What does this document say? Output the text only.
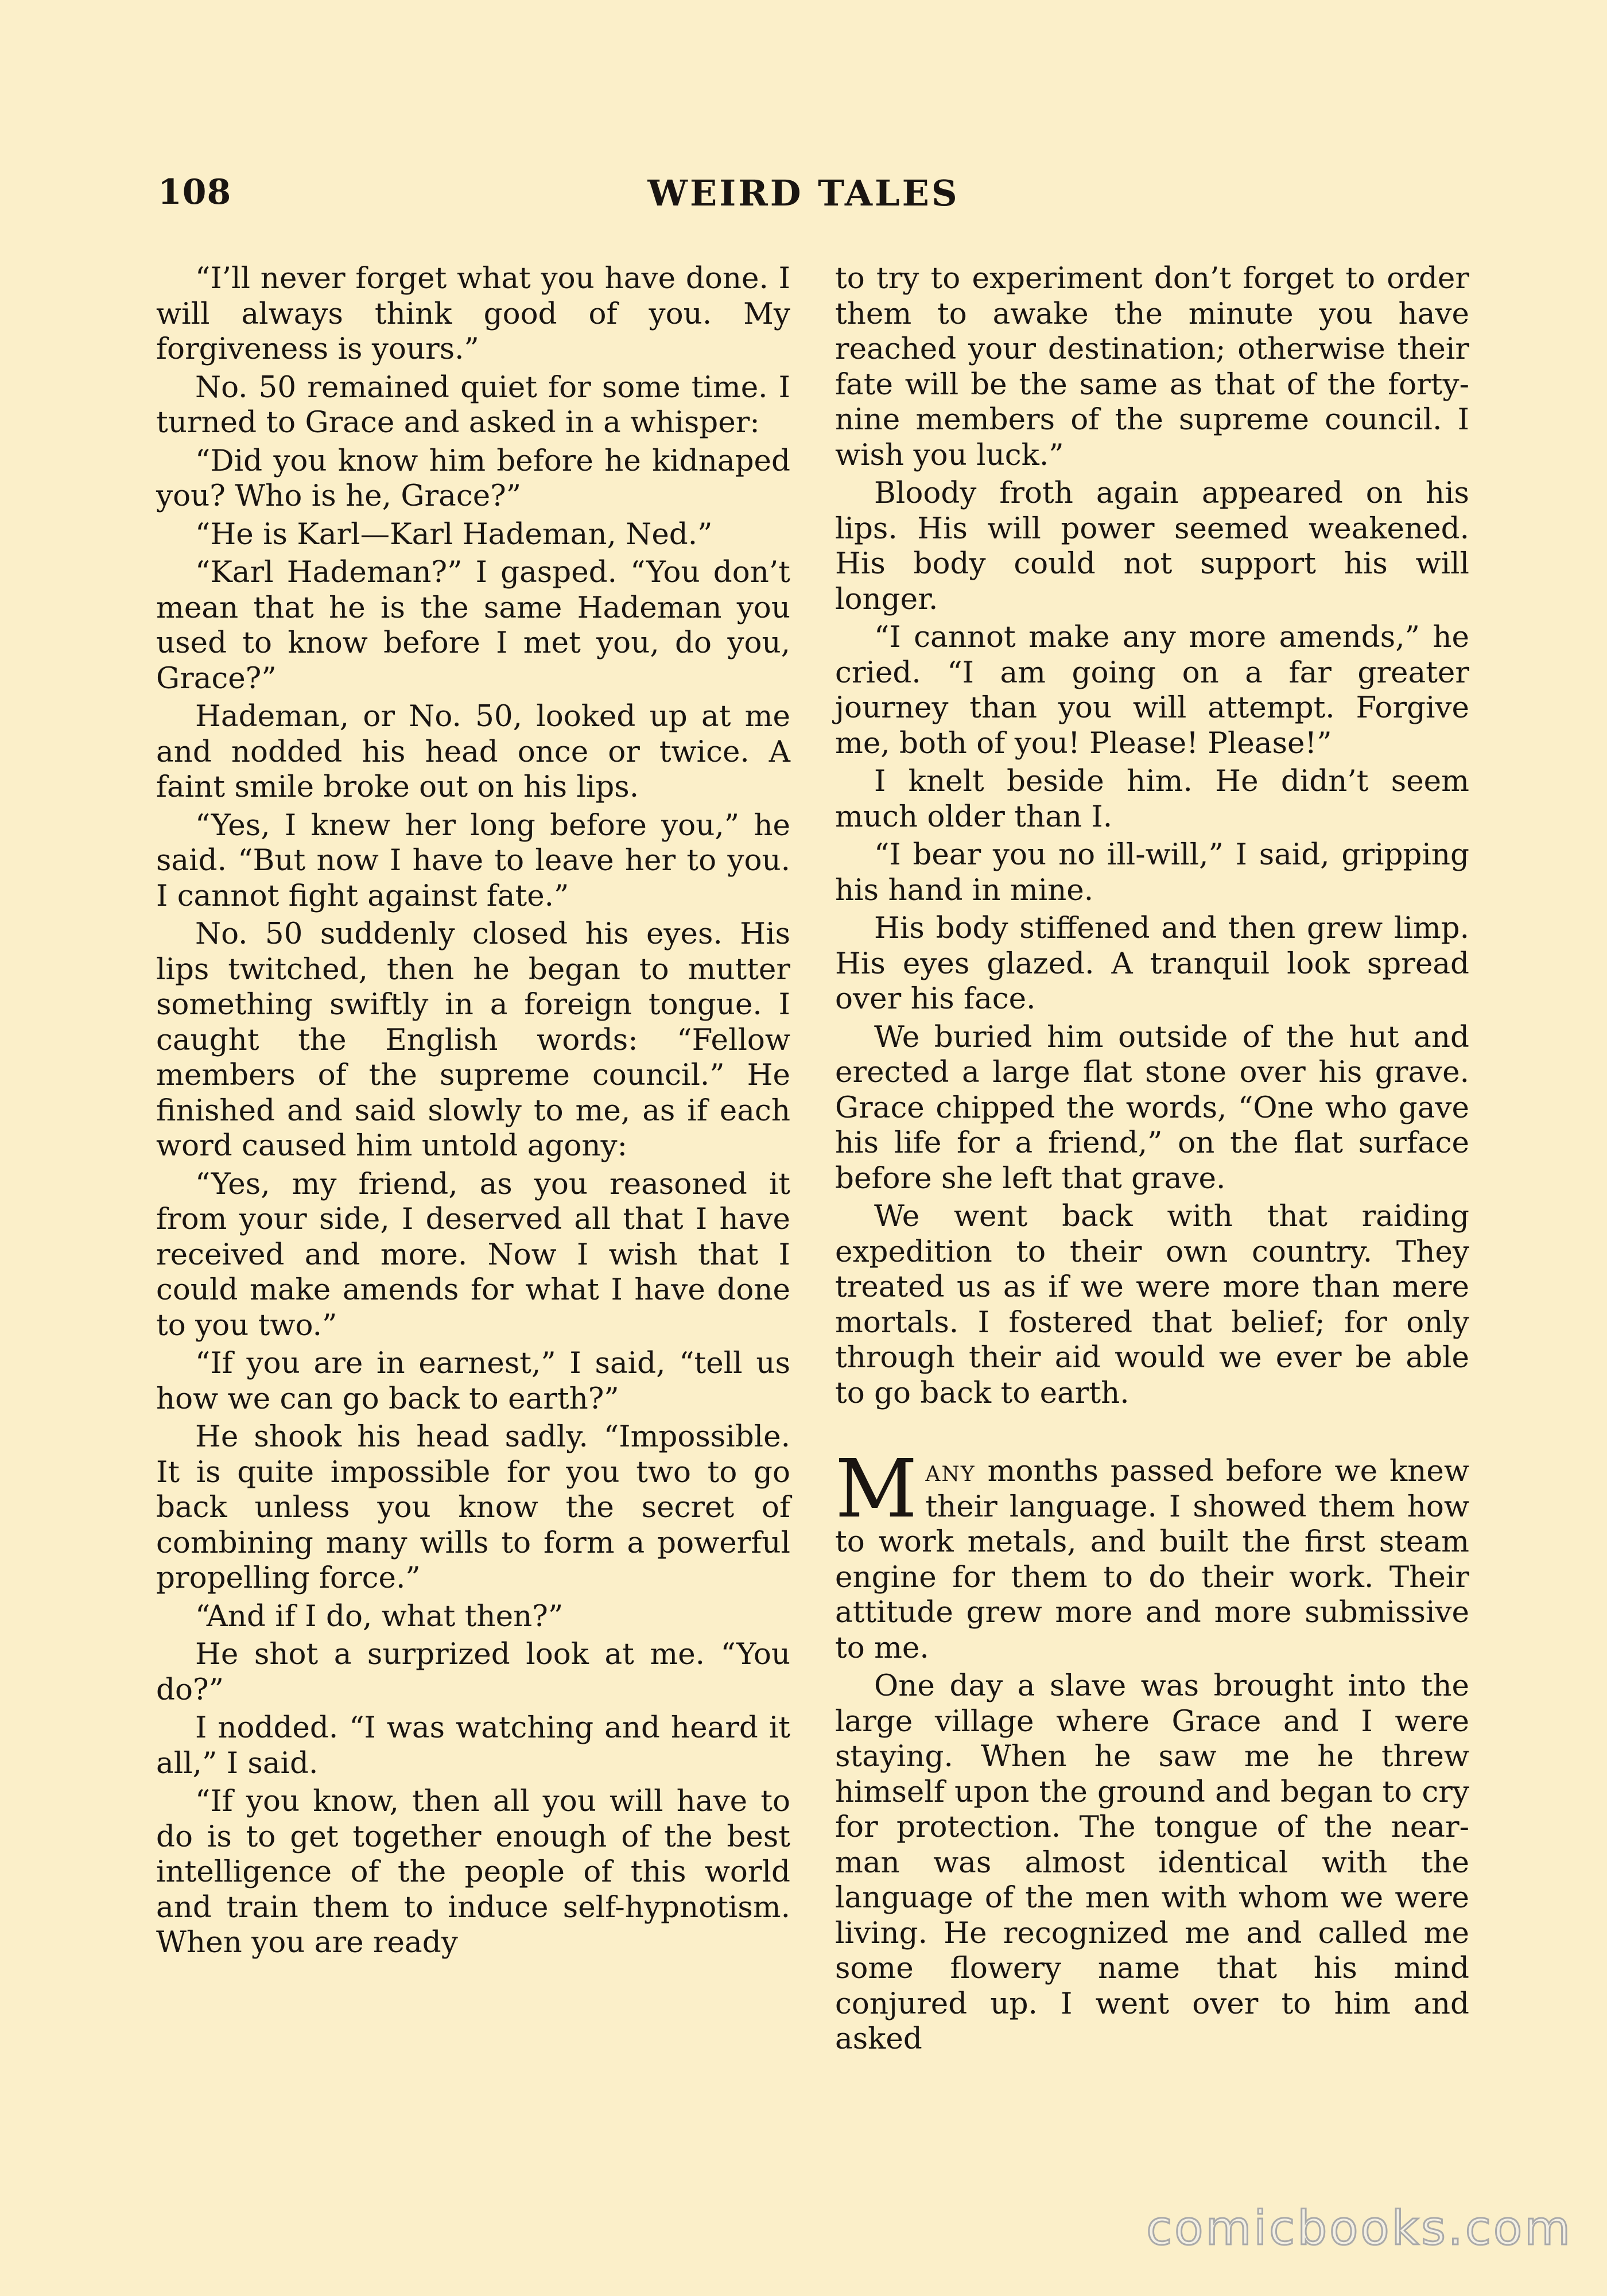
108	WEIRD TALES

“I’ll never forget what you have done. I will always think good of you. My forgiveness is yours.”

No. 50 remained quiet for some time. I turned to Grace and asked in a whisper:

“Did you know him before he kidnaped you? Who is he, Grace?”

“He is Karl—Karl Hademan, Ned.”

“Karl Hademan?” I gasped. “You don’t mean that he is the same Hademan you used to know before I met you, do you, Grace?”

Hademan, or No. 50, looked up at me and nodded his head once or twice. A faint smile broke out on his lips.

“Yes, I knew her long before you,” he said. “But now I have to leave her to you. I cannot fight against fate.”

No. 50 suddenly closed his eyes. His lips twitched, then he began to mutter something swiftly in a foreign tongue. I caught the English words: “Fellow members of the supreme council.” He finished and said slowly to me, as if each word caused him untold agony:

“Yes, my friend, as you reasoned it from your side, I deserved all that I have received and more. Now I wish that I could make amends for what I have done to you two.”

“If you are in earnest,” I said, “tell us how we can go back to earth?”

He shook his head sadly. “Impossible. It is quite impossible for you two to go back unless you know the secret of combining many wills to form a powerful propelling force.”

“And if I do, what then?”

He shot a surprized look at me. “You do?”

I nodded. “I was watching and heard it all,” I said.

“If you know, then all you will have to do is to get together enough of the best intelligence of the people of this world and train them to induce self-hypnotism. When you are ready

to try to experiment don’t forget to order them to awake the minute you have reached your destination; otherwise their fate will be the same as that of the forty-nine members of the supreme council. I wish you luck.”

Bloody froth again appeared on his lips. His will power seemed weakened. His body could not support his will longer.

“I cannot make any more amends,” he cried. “I am going on a far greater journey than you will attempt. Forgive me, both of you! Please! Please!”

I knelt beside him. He didn’t seem much older than I.

“I bear you no ill-will,” I said, gripping his hand in mine.

His body stiffened and then grew limp. His eyes glazed. A tranquil look spread over his face.

We buried him outside of the hut and erected a large flat stone over his grave. Grace chipped the words, “One who gave his life for a friend,” on the flat surface before she left that grave.

We went back with that raiding expedition to their own country. They treated us as if we were more than mere mortals. I fostered that belief; for only through their aid would we ever be able to go back to earth.

Many months passed before we knew their language. I showed them how to work metals, and built the first steam engine for them to do their work. Their attitude grew more and more submissive to me.

One day a slave was brought into the large village where Grace and I were staying. When he saw me he threw himself upon the ground and began to cry for protection. The tongue of the near-man was almost identical with the language of the men with whom we were living. He recognized me and called me some flowery name that his mind conjured up. I went over to him and asked

comicbooks.com
